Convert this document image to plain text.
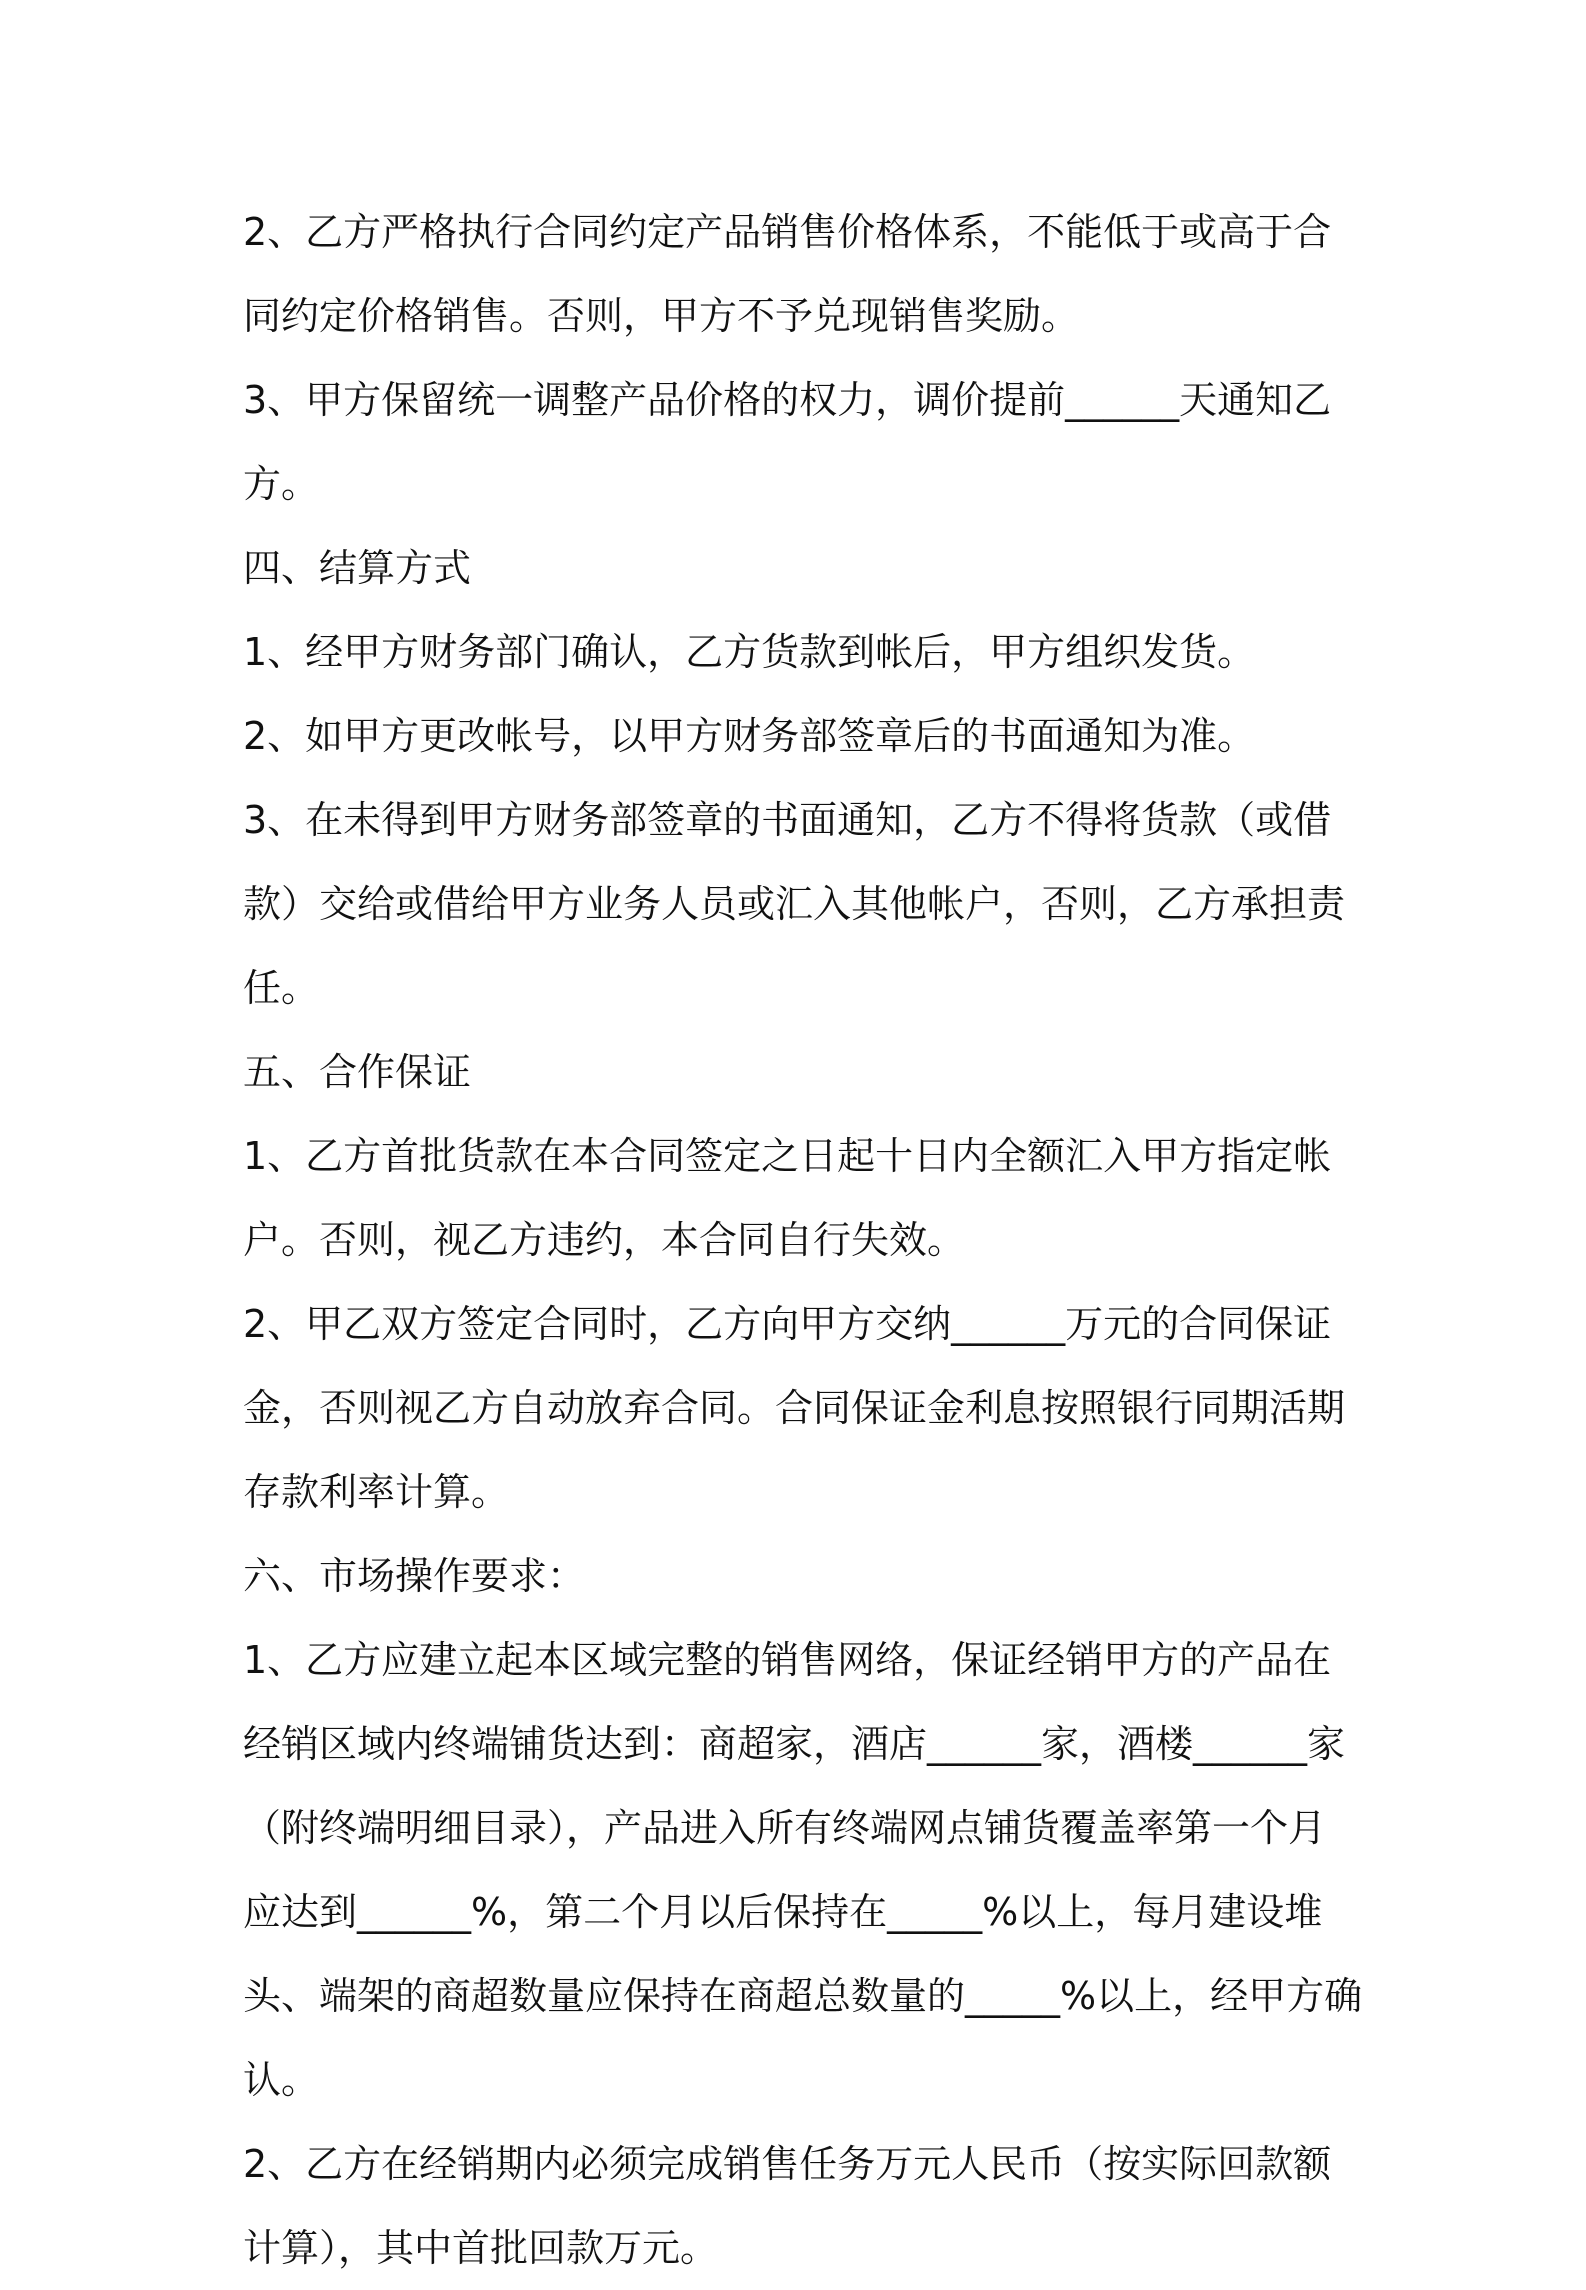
2、乙方严格执行合同约定产品销售价格体系，不能低于或高于合同约定价格销售。否则，甲方不予兑现销售奖励。

3、甲方保留统一调整产品价格的权力，调价提前______天通知乙方。

四、结算方式

1、经甲方财务部门确认，乙方货款到帐后，甲方组织发货。

2、如甲方更改帐号，以甲方财务部签章后的书面通知为准。

3、在未得到甲方财务部签章的书面通知，乙方不得将货款（或借款）交给或借给甲方业务人员或汇入其他帐户，否则，乙方承担责任。

五、合作保证

1、乙方首批货款在本合同签定之日起十日内全额汇入甲方指定帐户。否则，视乙方违约，本合同自行失效。

2、甲乙双方签定合同时，乙方向甲方交纳______万元的合同保证金，否则视乙方自动放弃合同。合同保证金利息按照银行同期活期存款利率计算。

六、市场操作要求：

1、乙方应建立起本区域完整的销售网络，保证经销甲方的产品在经销区域内终端铺货达到：商超家，酒店______家，酒楼______家（附终端明细目录），产品进入所有终端网点铺货覆盖率第一个月应达到______%，第二个月以后保持在_____%以上，每月建设堆头、端架的商超数量应保持在商超总数量的_____%以上，经甲方确认。

2、乙方在经销期内必须完成销售任务万元人民币（按实际回款额计算），其中首批回款万元。
